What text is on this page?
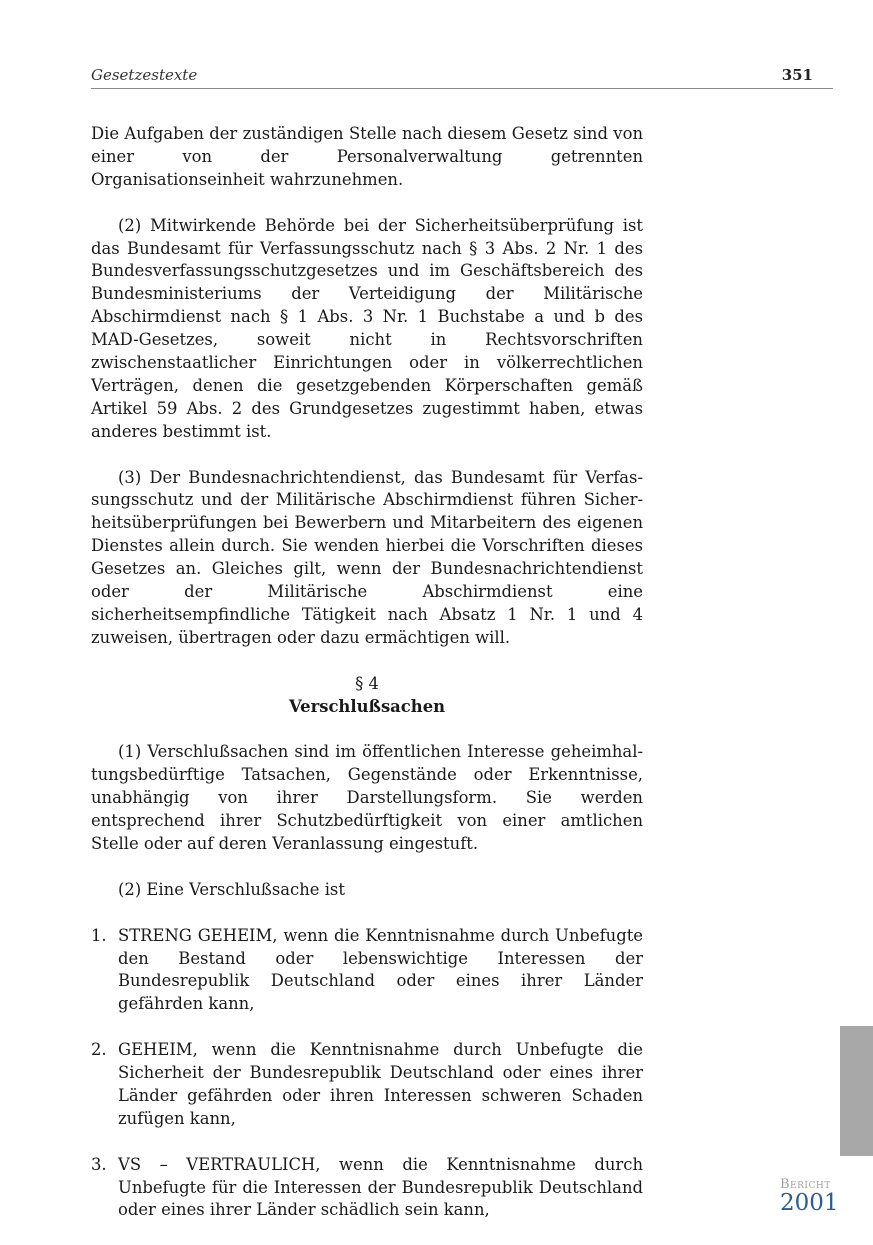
Gesetzestexte	351

Die Aufgaben der zuständigen Stelle nach diesem Gesetz sind von einer von der Personalverwaltung getrennten Organisationseinheit wahrzunehmen.

(2) Mitwirkende Behörde bei der Sicherheitsüberprüfung ist das Bundesamt für Verfassungsschutz nach § 3 Abs. 2 Nr. 1 des Bundesverfassungsschutzgesetzes und im Geschäftsbereich des Bundesministeriums der Verteidigung der Militärische Abschirmdienst nach § 1 Abs. 3 Nr. 1 Buchstabe a und b des MAD-Gesetzes, soweit nicht in Rechtsvorschriften zwischenstaatlicher Einrichtungen oder in völkerrechtlichen Verträgen, denen die gesetzgebenden Körperschaften gemäß Artikel 59 Abs. 2 des Grundgesetzes zugestimmt haben, etwas anderes bestimmt ist.

(3) Der Bundesnachrichtendienst, das Bundesamt für Verfassungsschutz und der Militärische Abschirmdienst führen Sicherheitsüberprüfungen bei Bewerbern und Mitarbeitern des eigenen Dienstes allein durch. Sie wenden hierbei die Vorschriften dieses Gesetzes an. Gleiches gilt, wenn der Bundesnachrichtendienst oder der Militärische Abschirmdienst eine sicherheitsempfindliche Tätigkeit nach Absatz 1 Nr. 1 und 4 zuweisen, übertragen oder dazu ermächtigen will.

§ 4
Verschlußsachen

(1) Verschlußsachen sind im öffentlichen Interesse geheimhaltungsbedürftige Tatsachen, Gegenstände oder Erkenntnisse, unabhängig von ihrer Darstellungsform. Sie werden entsprechend ihrer Schutzbedürftigkeit von einer amtlichen Stelle oder auf deren Veranlassung eingestuft.

(2) Eine Verschlußsache ist

1. STRENG GEHEIM, wenn die Kenntnisnahme durch Unbefugte den Bestand oder lebenswichtige Interessen der Bundesrepublik Deutschland oder eines ihrer Länder gefährden kann,
2. GEHEIM, wenn die Kenntnisnahme durch Unbefugte die Sicherheit der Bundesrepublik Deutschland oder eines ihrer Länder gefährden oder ihren Interessen schweren Schaden zufügen kann,
3. VS – VERTRAULICH, wenn die Kenntnisnahme durch Unbefugte für die Interessen der Bundesrepublik Deutschland oder eines ihrer Länder schädlich sein kann,
Bericht
2001
